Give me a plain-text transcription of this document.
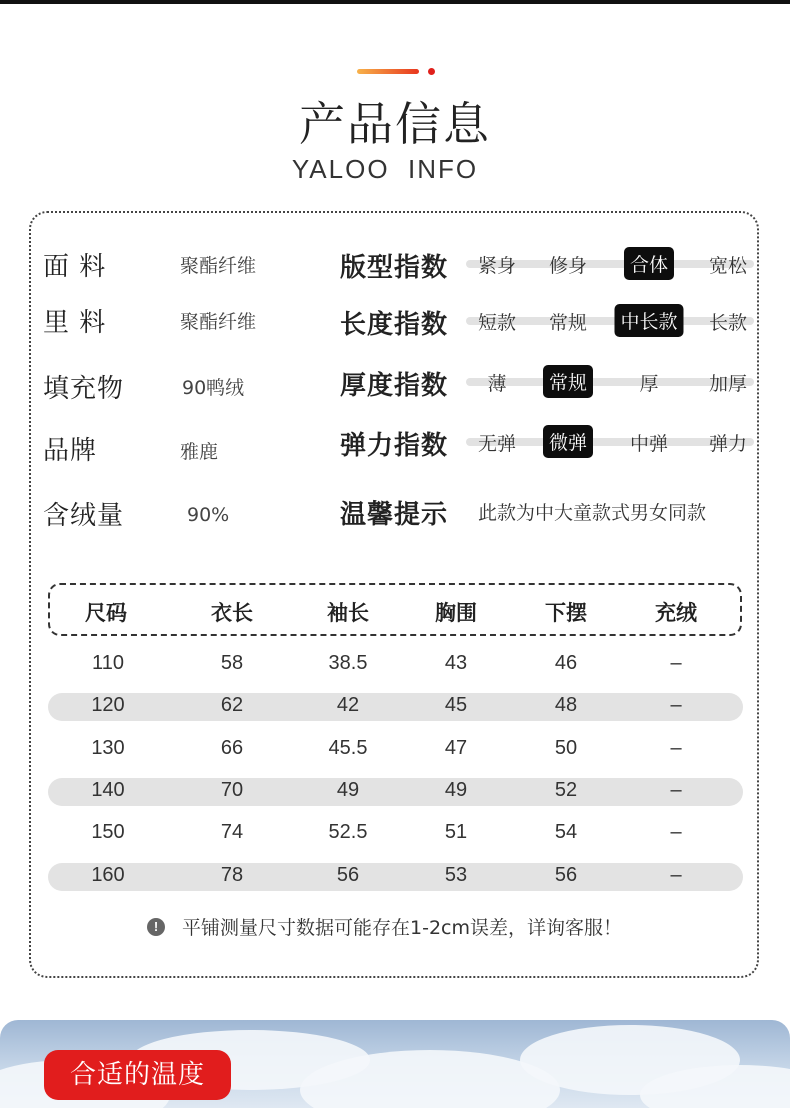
产品信息
YALOO  INFO
面 料	聚酯纤维
里 料	聚酯纤维
填充物	90鸭绒
品牌	雅鹿
含绒量	90%
版型指数 紧身 修身	合体	宽松
长度指数 短款 常规	中长款	长款
厚度指数 薄	常规	厚	加厚
弹力指数 无弹	微弹	中弹 弹力
温馨提示 此款为中大童款式男女同款
尺码	衣长	袖长	胸围	下摆	充绒
110	58	38.5	43	46	–
120	62	42	45	48	–
130	66	45.5	47	50	–
140	70	49	49	52	–
150	74	52.5	51	54	–
160	78	56	53	56	–
!	平铺测量尺寸数据可能存在1-2cm误差，详询客服！
合适的温度
